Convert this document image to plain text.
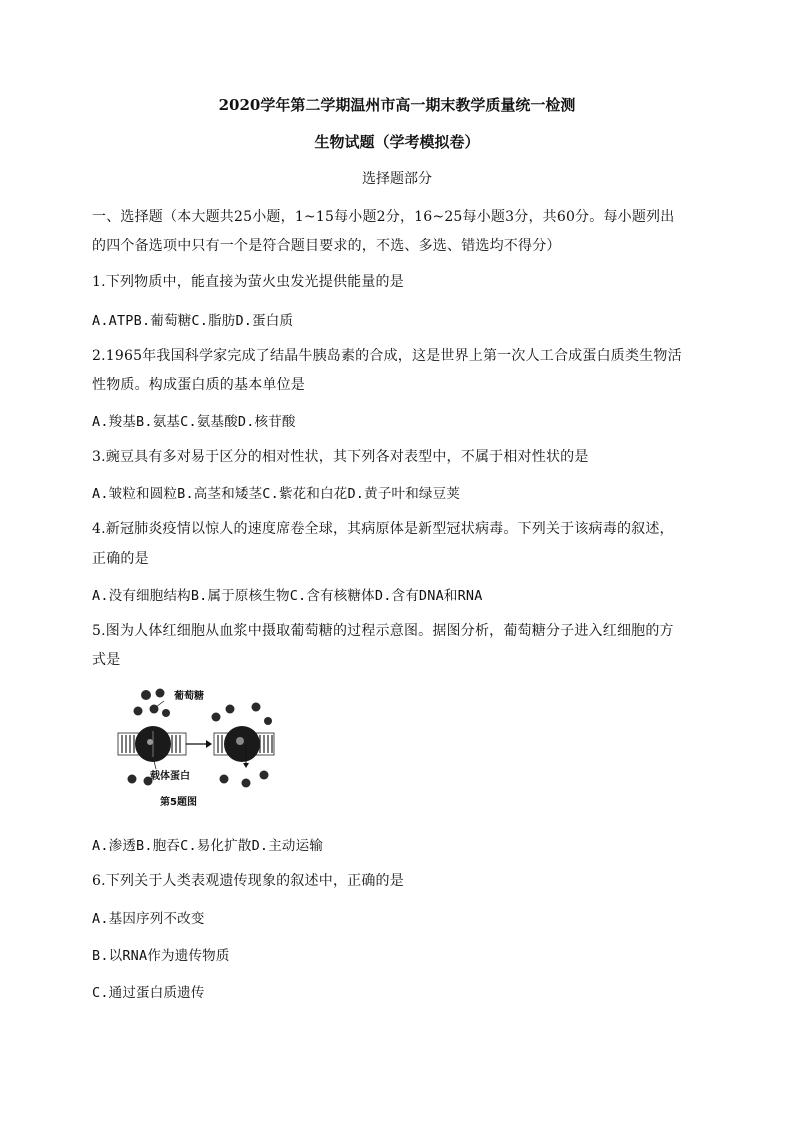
2020学年第二学期温州市高一期末教学质量统一检测
生物试题（学考模拟卷）
选择题部分
一、选择题（本大题共25小题，1~15每小题2分，16~25每小题3分，共60分。每小题列出
的四个备选项中只有一个是符合题目要求的，不选、多选、错选均不得分）
1.下列物质中，能直接为萤火虫发光提供能量的是
A.ATPB.葡萄糖C.脂肪D.蛋白质
2.1965年我国科学家完成了结晶牛胰岛素的合成，这是世界上第一次人工合成蛋白质类生物活
性物质。构成蛋白质的基本单位是
A.羧基B.氨基C.氨基酸D.核苷酸
3.豌豆具有多对易于区分的相对性状，其下列各对表型中，不属于相对性状的是
A.皱粒和圆粒B.高茎和矮茎C.紫花和白花D.黄子叶和绿豆荚
4.新冠肺炎疫情以惊人的速度席卷全球，其病原体是新型冠状病毒。下列关于该病毒的叙述，
正确的是
A.没有细胞结构B.属于原核生物C.含有核糖体D.含有DNA和RNA
5.图为人体红细胞从血浆中摄取葡萄糖的过程示意图。据图分析，葡萄糖分子进入红细胞的方
式是
葡萄糖
载体蛋白
第5题图
A.渗透B.胞吞C.易化扩散D.主动运输
6.下列关于人类表观遗传现象的叙述中，正确的是
A.基因序列不改变
B.以RNA作为遗传物质
C.通过蛋白质遗传
